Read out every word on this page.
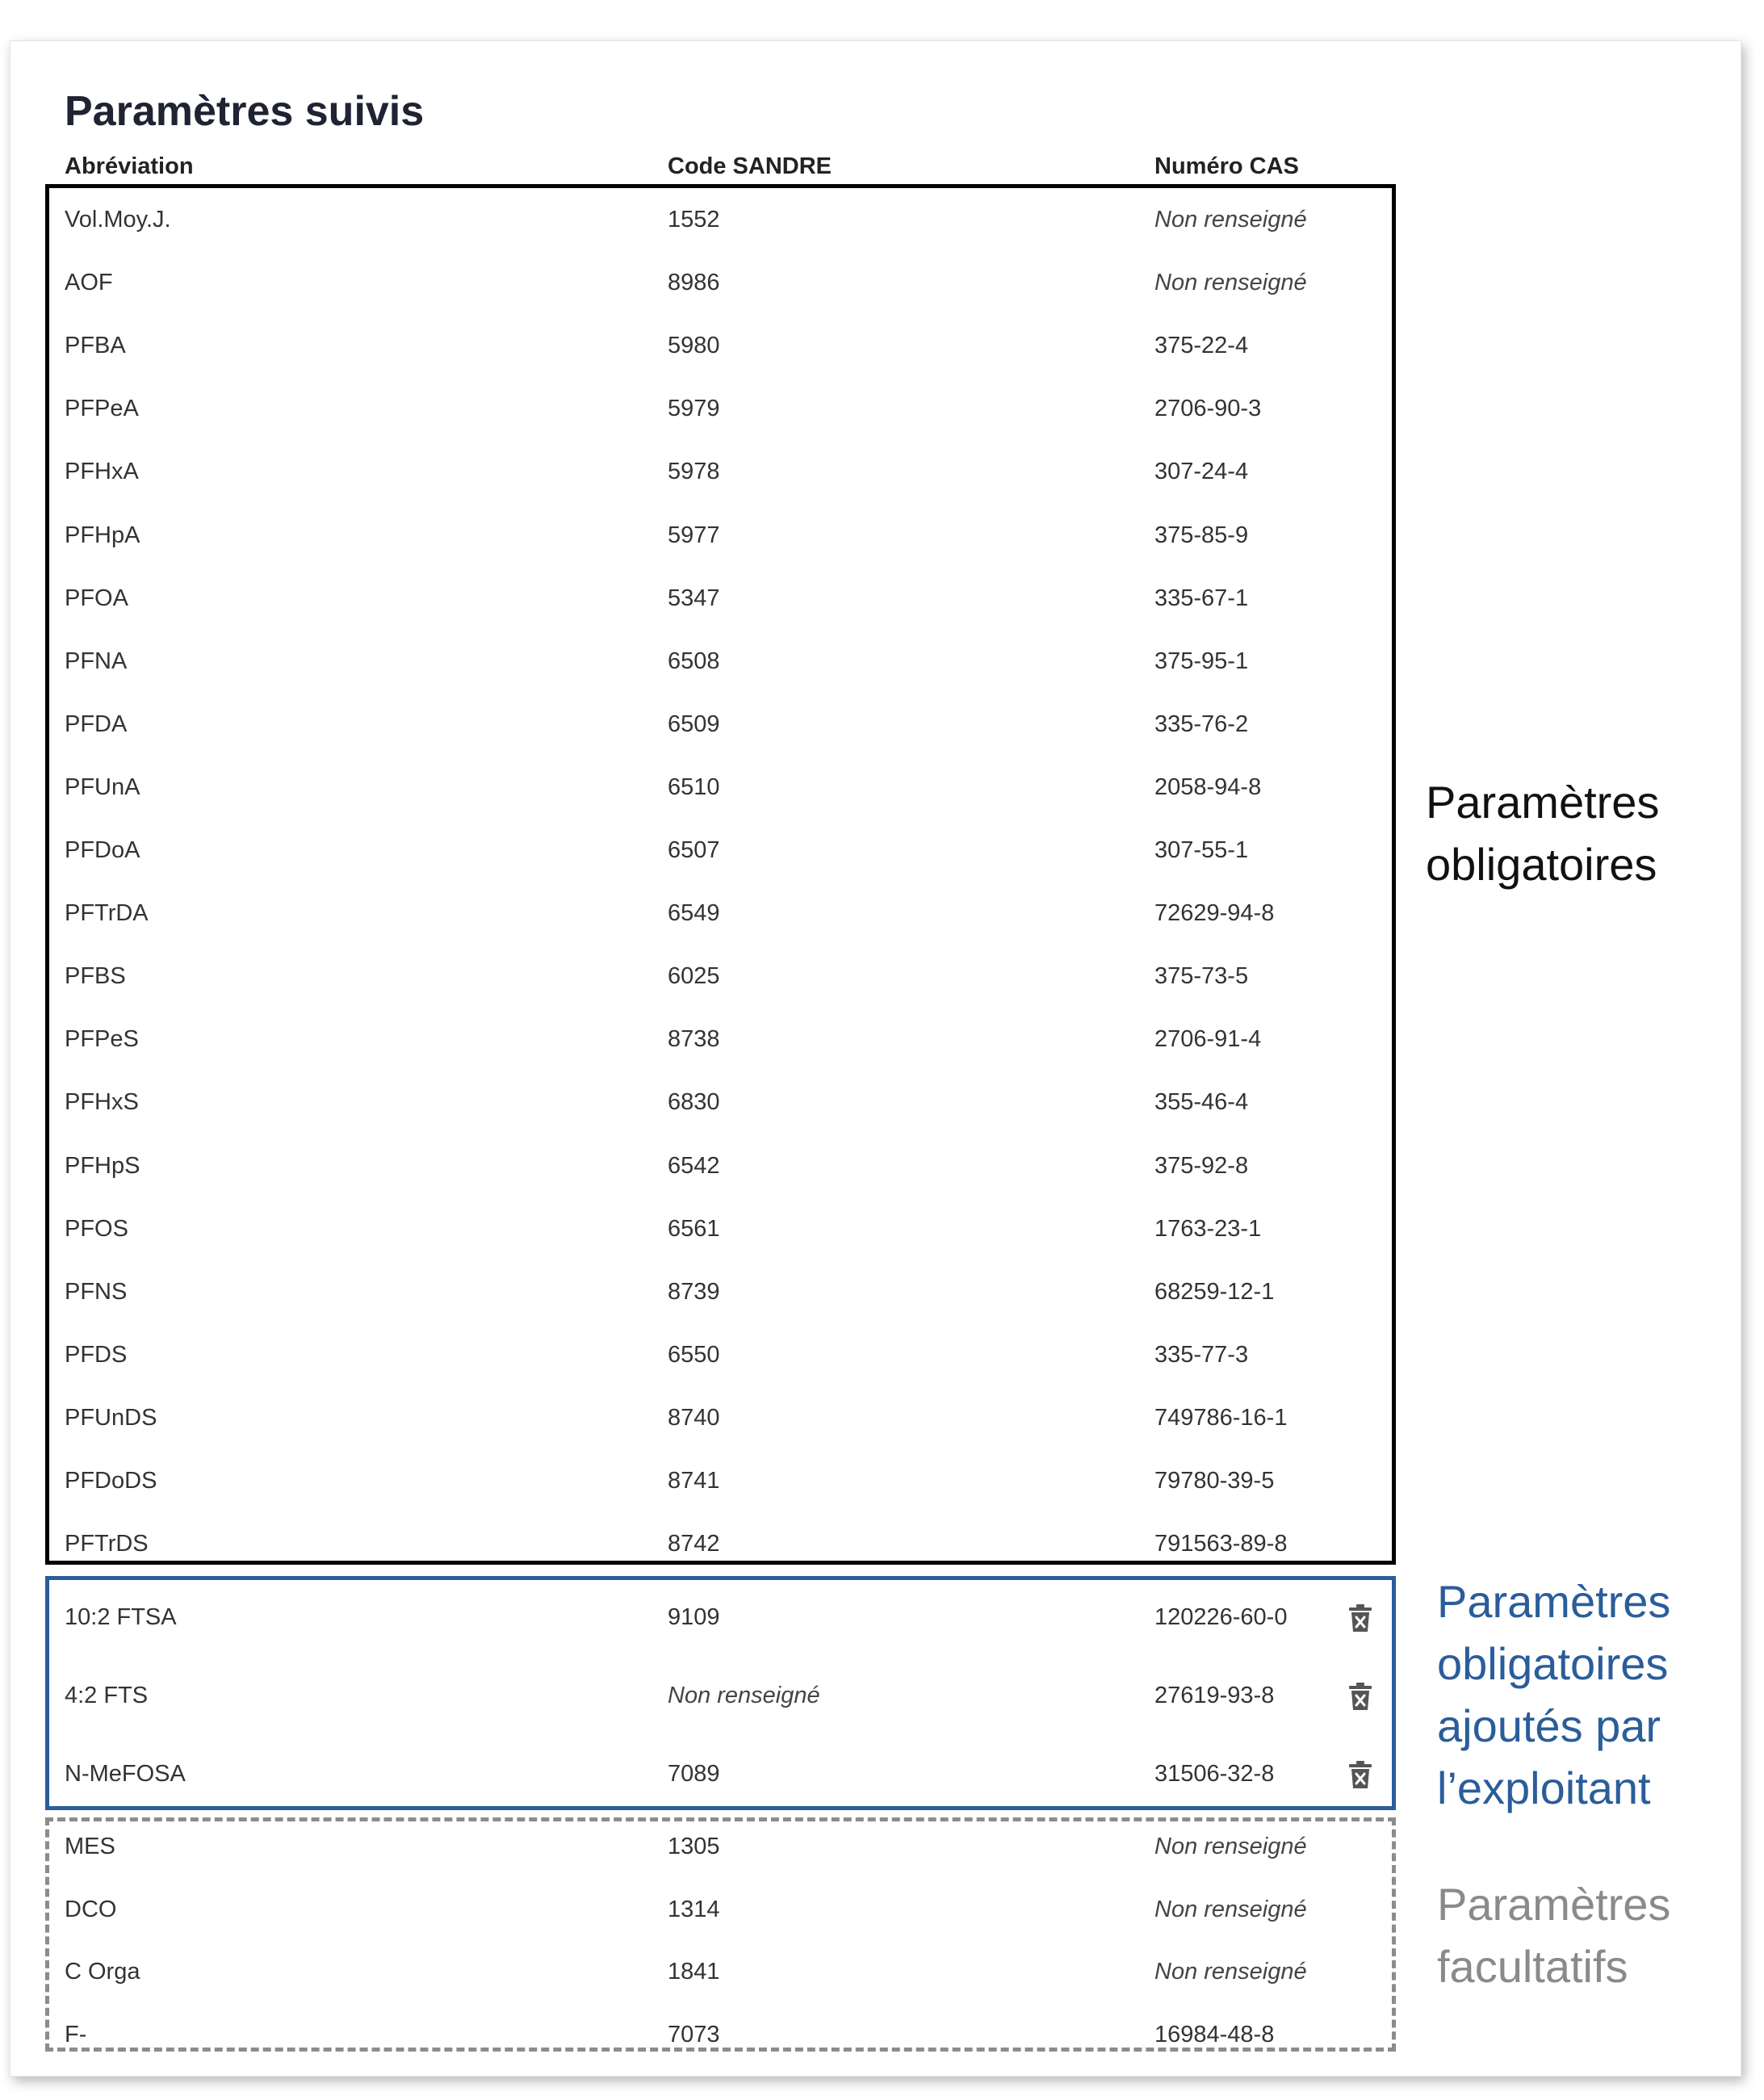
Paramètres suivis
Abréviation	Code SANDRE	Numéro CAS
Vol.Moy.J.	1552	Non renseigné
AOF	8986	Non renseigné
PFBA	5980	375-22-4
PFPeA	5979	2706-90-3
PFHxA	5978	307-24-4
PFHpA	5977	375-85-9
PFOA	5347	335-67-1
PFNA	6508	375-95-1
PFDA	6509	335-76-2
PFUnA	6510	2058-94-8
PFDoA	6507	307-55-1
PFTrDA	6549	72629-94-8
PFBS	6025	375-73-5
PFPeS	8738	2706-91-4
PFHxS	6830	355-46-4
PFHpS	6542	375-92-8
PFOS	6561	1763-23-1
PFNS	8739	68259-12-1
PFDS	6550	335-77-3
PFUnDS	8740	749786-16-1
PFDoDS	8741	79780-39-5
PFTrDS	8742	791563-89-8
10:2 FTSA	9109	120226-60-0
4:2 FTS	Non renseigné	27619-93-8
N-MeFOSA	7089	31506-32-8
MES	1305	Non renseigné
DCO	1314	Non renseigné
C Orga	1841	Non renseigné
F-	7073	16984-48-8
Paramètres
obligatoires
Paramètres
obligatoires
ajoutés par
l’exploitant
Paramètres
facultatifs
